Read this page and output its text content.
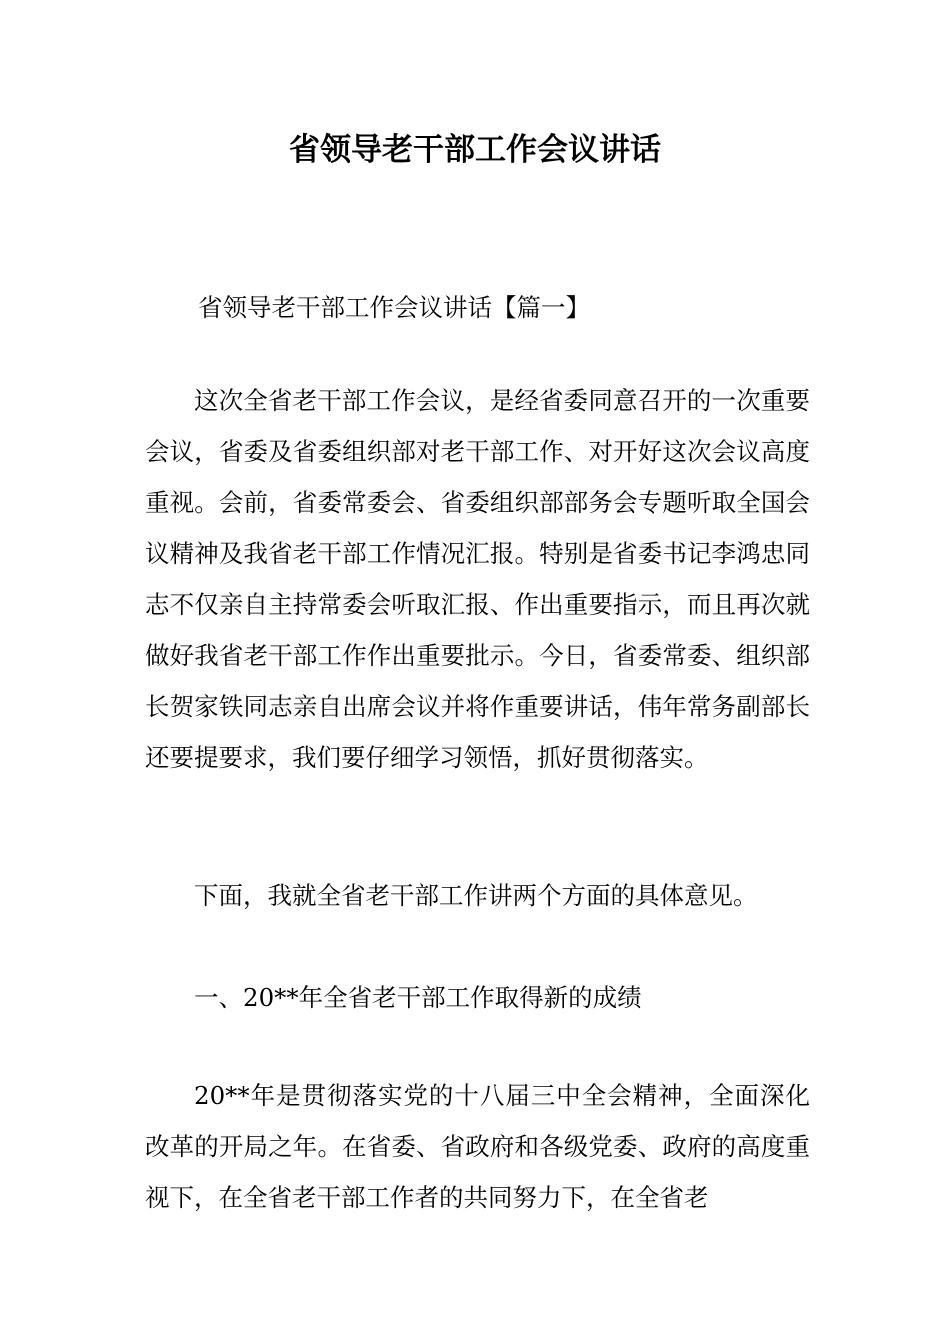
省领导老干部工作会议讲话

省领导老干部工作会议讲话【篇一】

这次全省老干部工作会议，是经省委同意召开的一次重要会议，省委及省委组织部对老干部工作、对开好这次会议高度重视。会前，省委常委会、省委组织部部务会专题听取全国会议精神及我省老干部工作情况汇报。特别是省委书记李鸿忠同志不仅亲自主持常委会听取汇报、作出重要指示，而且再次就做好我省老干部工作作出重要批示。今日，省委常委、组织部长贺家铁同志亲自出席会议并将作重要讲话，伟年常务副部长还要提要求，我们要仔细学习领悟，抓好贯彻落实。

下面，我就全省老干部工作讲两个方面的具体意见。

一、20**年全省老干部工作取得新的成绩

20**年是贯彻落实党的十八届三中全会精神，全面深化改革的开局之年。在省委、省政府和各级党委、政府的高度重视下，在全省老干部工作者的共同努力下，在全省老
